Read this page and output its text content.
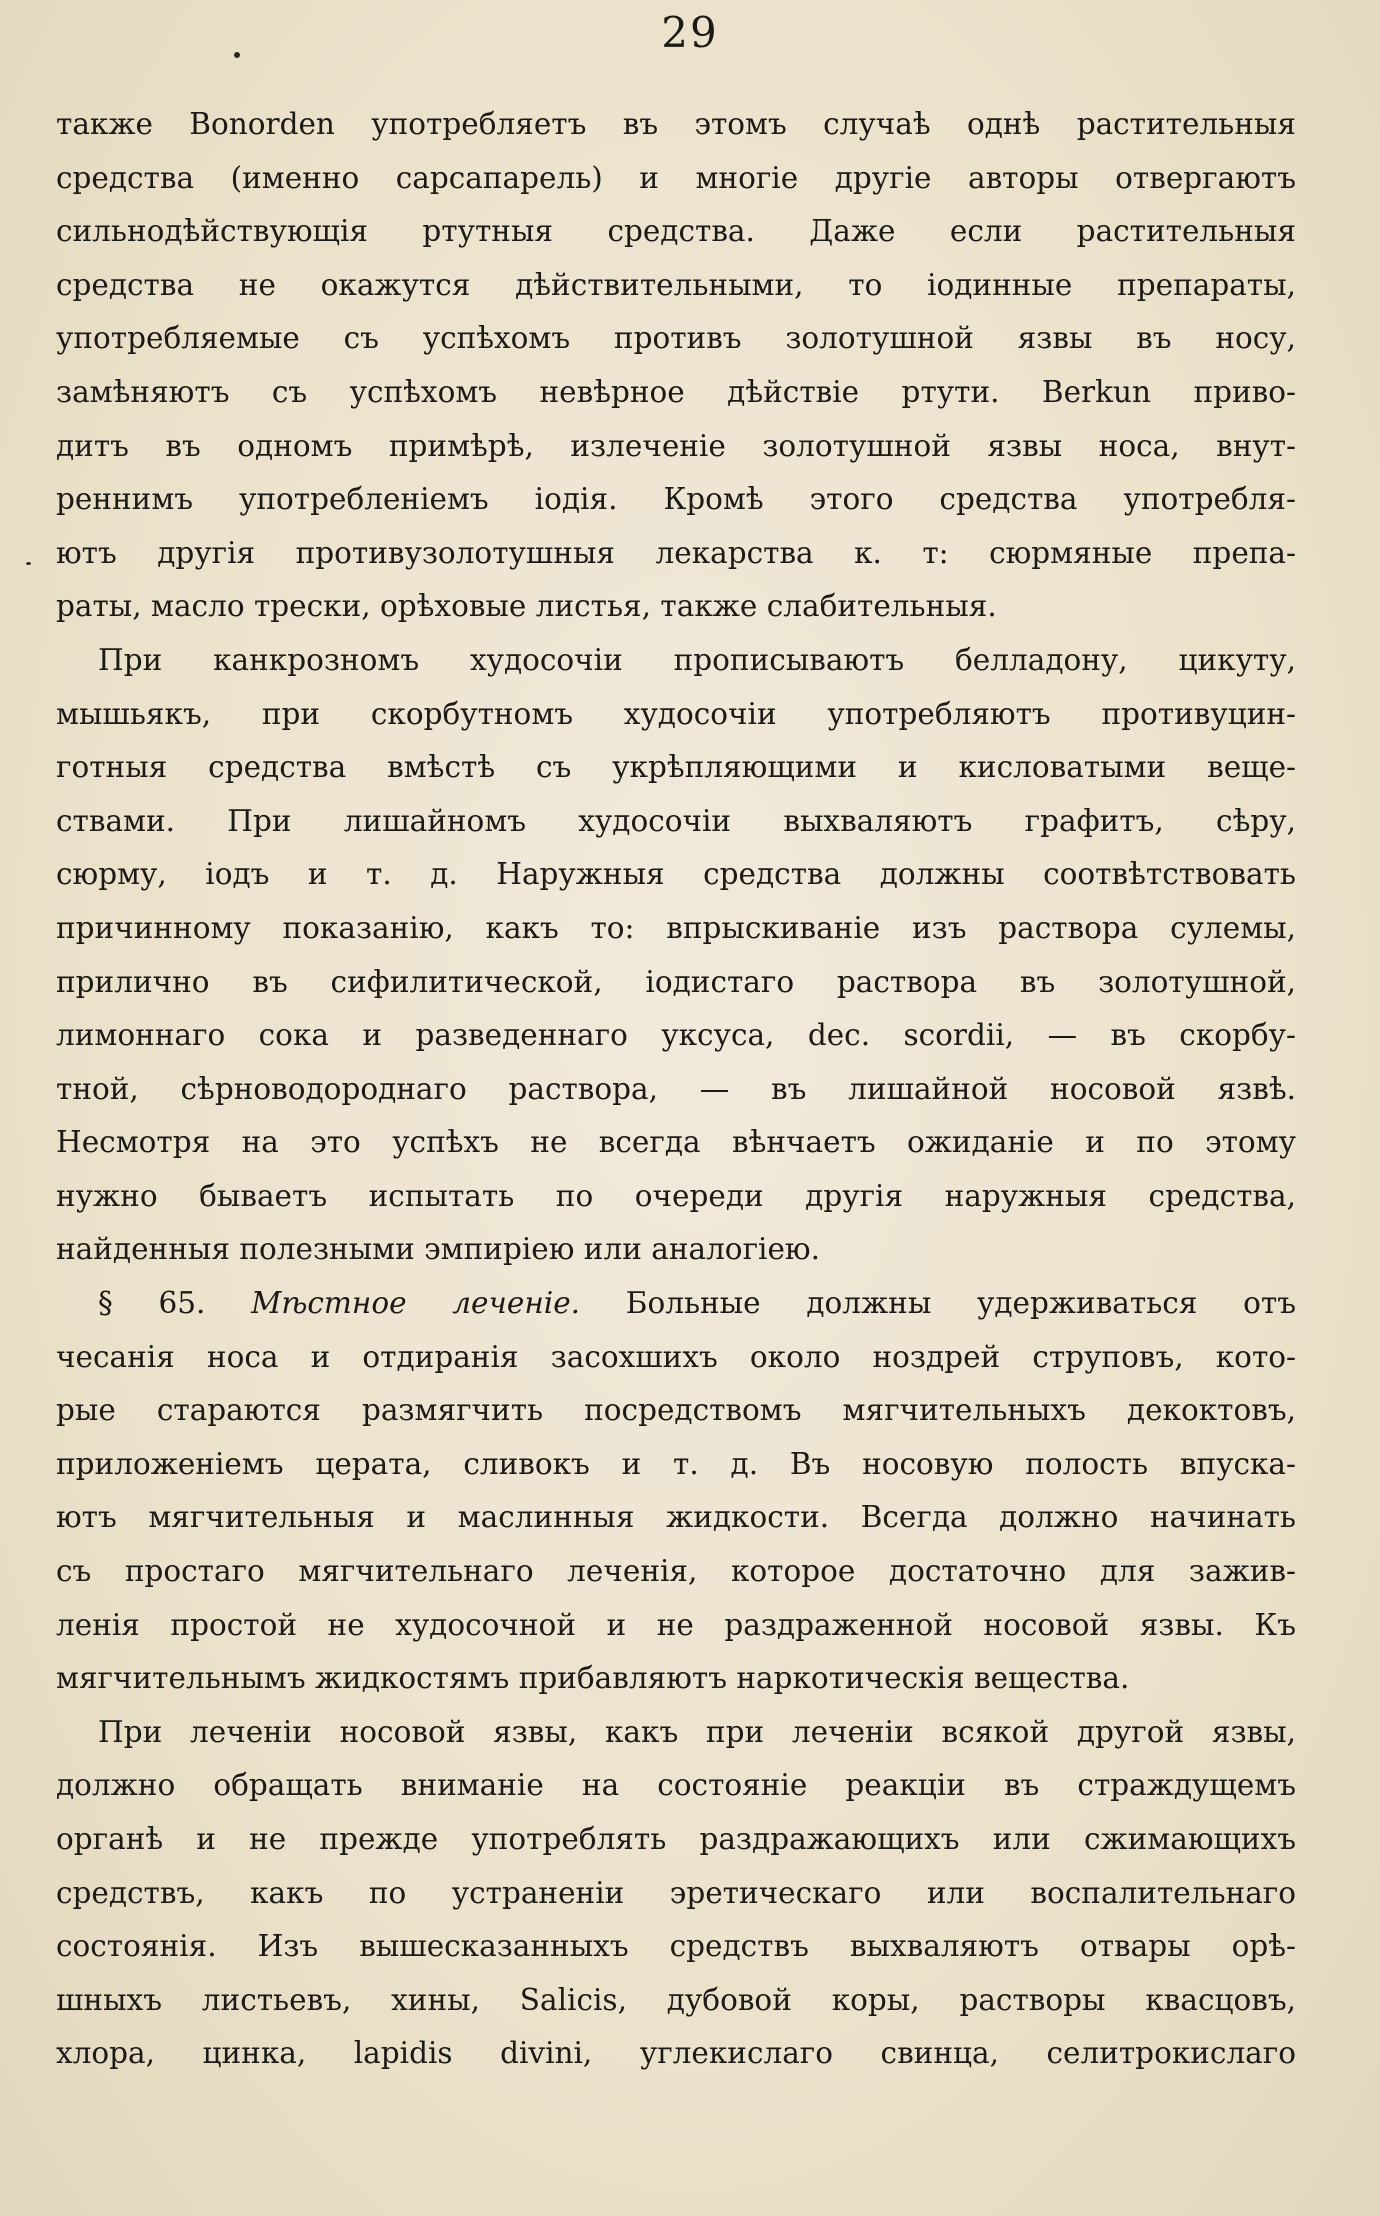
29
также Bonorden употребляетъ въ этомъ случаѣ однѣ растительныя
средства (именно сарсапарель) и многіе другіе авторы отвергаютъ
сильнодѣйствующія ртутныя средства. Даже если растительныя
средства не окажутся дѣйствительными, то іодинные препараты,
употребляемые съ успѣхомъ противъ золотушной язвы въ носу,
замѣняютъ съ успѣхомъ невѣрное дѣйствіе ртути. Berkun приво-
дитъ въ одномъ примѣрѣ, излеченіе золотушной язвы носа, внут-
реннимъ употребленіемъ іодія. Кромѣ этого средства употребля-
ютъ другія противузолотушныя лекарства к. т: сюрмяные препа-
раты, масло трески, орѣховые листья, также слабительныя.
При канкрозномъ худосочіи прописываютъ белладону, цикуту,
мышьякъ, при скорбутномъ худосочіи употребляютъ противуцин-
готныя средства вмѣстѣ съ укрѣпляющими и кисловатыми веще-
ствами. При лишайномъ худосочіи выхваляютъ графитъ, сѣру,
сюрму, іодъ и т. д. Наружныя средства должны соотвѣтствовать
причинному показанію, какъ то: впрыскиваніе изъ раствора сулемы,
прилично въ сифилитической, іодистаго раствора въ золотушной,
лимоннаго сока и разведеннаго уксуса, dec. scordii, — въ скорбу-
тной, сѣрноводороднаго раствора, — въ лишайной носовой язвѣ.
Несмотря на это успѣхъ не всегда вѣнчаетъ ожиданіе и по этому
нужно бываетъ испытать по очереди другія наружныя средства,
найденныя полезными эмпиріею или аналогіею.
§ 65. Мѣстное леченіе. Больные должны удерживаться отъ
чесанія носа и отдиранія засохшихъ около ноздрей струповъ, кото-
рые стараются размягчить посредствомъ мягчительныхъ декоктовъ,
приложеніемъ церата, сливокъ и т. д. Въ носовую полость впуска-
ютъ мягчительныя и маслинныя жидкости. Всегда должно начинать
съ простаго мягчительнаго леченія, которое достаточно для зажив-
ленія простой не худосочной и не раздраженной носовой язвы. Къ
мягчительнымъ жидкостямъ прибавляютъ наркотическія вещества.
При леченіи носовой язвы, какъ при леченіи всякой другой язвы,
должно обращать вниманіе на состояніе реакціи въ страждущемъ
органѣ и не прежде употреблять раздражающихъ или сжимающихъ
средствъ, какъ по устраненіи эретическаго или воспалительнаго
состоянія. Изъ вышесказанныхъ средствъ выхваляютъ отвары орѣ-
шныхъ листьевъ, хины, Salicis, дубовой коры, растворы квасцовъ,
хлора, цинка, lapidis divini, углекислаго свинца, селитрокислаго
